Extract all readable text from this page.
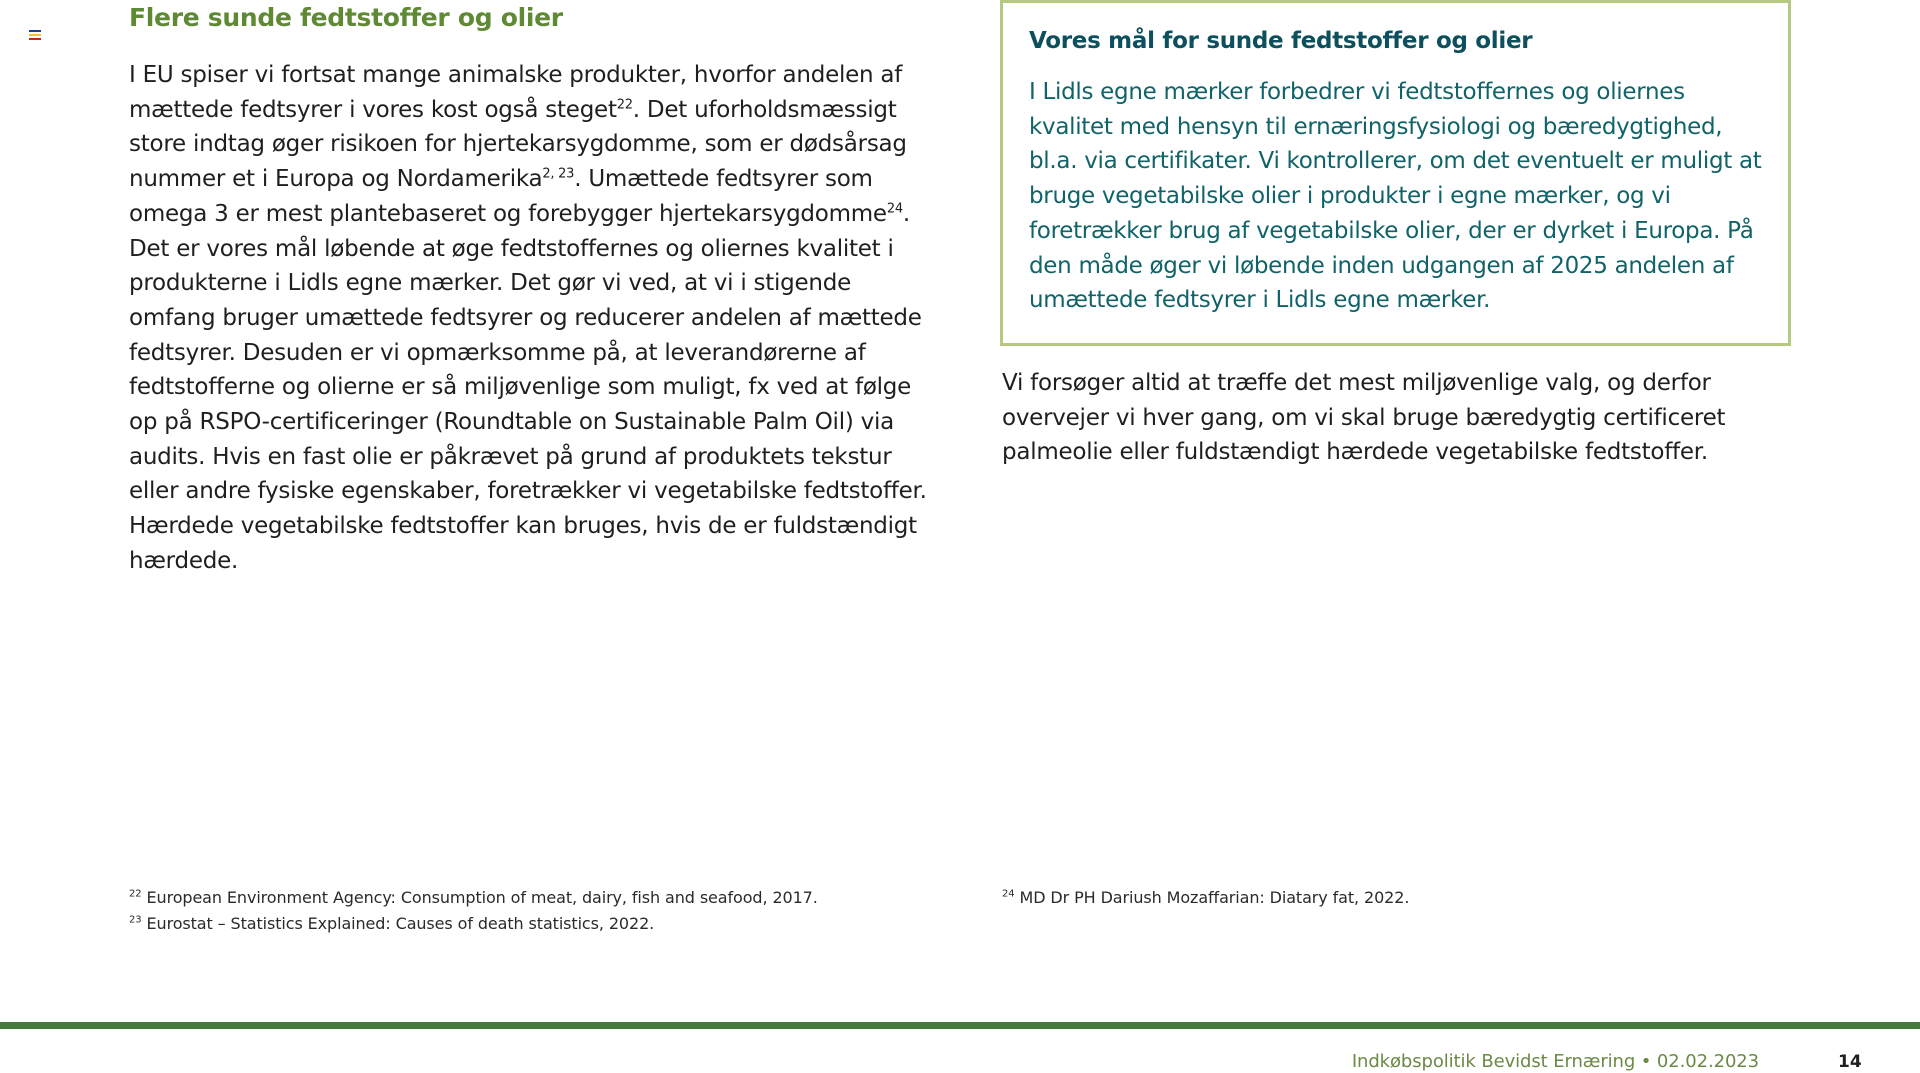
Flere sunde fedtstoffer og olier

I EU spiser vi fortsat mange animalske produkter, hvorfor andelen af mættede fedtsyrer i vores kost også steget$^{22}$. Det uforholdsmæssigt store indtag øger risikoen for hjertekarsygdomme, som er dødsårsag nummer et i Europa og Nordamerika$^{2, 23}$. Umættede fedtsyrer som omega 3 er mest plantebaseret og forebygger hjertekarsygdomme$^{24}$. Det er vores mål løbende at øge fedtstoffernes og oliernes kvalitet i produkterne i Lidls egne mærker. Det gør vi ved, at vi i stigende omfang bruger umættede fedtsyrer og reducerer andelen af mættede fedtsyrer. Desuden er vi opmærksomme på, at leverandørerne af fedtstofferne og olierne er så miljøvenlige som muligt, fx ved at følge op på RSPO-certificeringer (Roundtable on Sustainable Palm Oil) via audits. Hvis en fast olie er påkrævet på grund af produktets tekstur eller andre fysiske egenskaber, foretrækker vi vegetabilske fedtstoffer. Hærdede vegetabilske fedtstoffer kan bruges, hvis de er fuldstændigt hærdede.

Vores mål for sunde fedtstoffer og olier

I Lidls egne mærker forbedrer vi fedtstoffernes og oliernes kvalitet med hensyn til ernæringsfysiologi og bæredygtighed, bl.a. via certifikater. Vi kontrollerer, om det eventuelt er muligt at bruge vegetabilske olier i produkter i egne mærker, og vi foretrækker brug af vegetabilske olier, der er dyrket i Europa. På den måde øger vi løbende inden udgangen af 2025 andelen af umættede fedtsyrer i Lidls egne mærker.

Vi forsøger altid at træffe det mest miljøvenlige valg, og derfor overvejer vi hver gang, om vi skal bruge bæredygtig certificeret palmeolie eller fuldstændigt hærdede vegetabilske fedtstoffer.

$^{22}$ European Environment Agency: Consumption of meat, dairy, fish and seafood, 2017.
$^{23}$ Eurostat – Statistics Explained: Causes of death statistics, 2022.
$^{24}$ MD Dr PH Dariush Mozaffarian: Diatary fat, 2022.
Indkøbspolitik Bevidst Ernæring • 02.02.2023	14
